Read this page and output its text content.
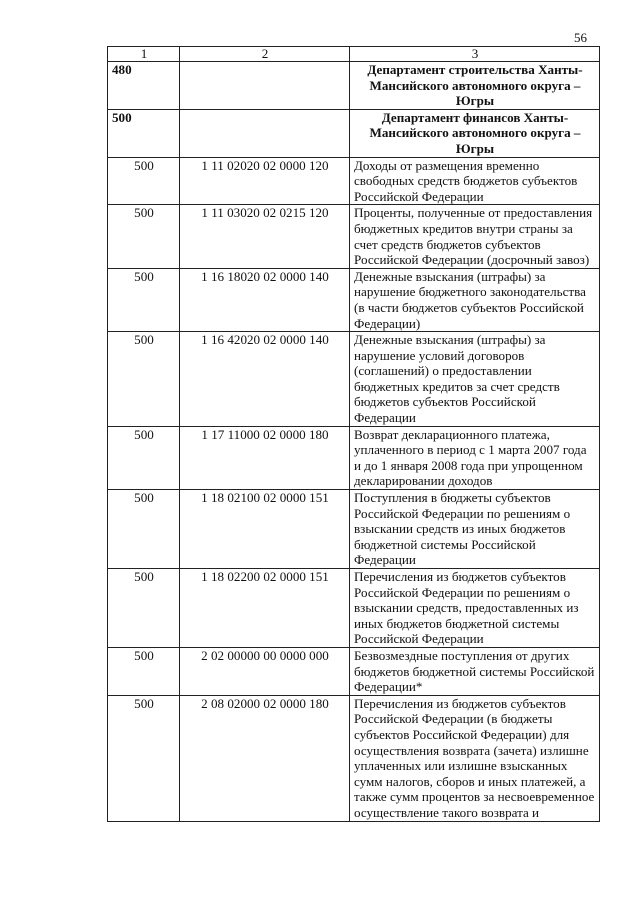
56
1	2	3
480		Департамент строительства Ханты-Мансийского автономного округа – Югры
500		Департамент финансов Ханты-Мансийского автономного округа – Югры
500	1 11 02020 02 0000 120	Доходы от размещения временно свободных средств бюджетов субъектов Российской Федерации
500	1 11 03020 02 0215 120	Проценты, полученные от предоставления бюджетных кредитов внутри страны за счет средств бюджетов субъектов Российской Федерации (досрочный завоз)
500	1 16 18020 02 0000 140	Денежные взыскания (штрафы) за нарушение бюджетного законодательства (в части бюджетов субъектов Российской Федерации)
500	1 16 42020 02 0000 140	Денежные взыскания (штрафы) за нарушение условий договоров (соглашений) о предоставлении бюджетных кредитов за счет средств бюджетов субъектов Российской Федерации
500	1 17 11000 02 0000 180	Возврат декларационного платежа, уплаченного в период с 1 марта 2007 года и до 1 января 2008 года при упрощенном декларировании доходов
500	1 18 02100 02 0000 151	Поступления в бюджеты субъектов Российской Федерации по решениям о взыскании средств из иных бюджетов бюджетной системы Российской Федерации
500	1 18 02200 02 0000 151	Перечисления из бюджетов субъектов Российской Федерации по решениям о взыскании средств, предоставленных из иных бюджетов бюджетной системы Российской Федерации
500	2 02 00000 00 0000 000	Безвозмездные поступления от других бюджетов бюджетной системы Российской Федерации*
500	2 08 02000 02 0000 180	Перечисления из бюджетов субъектов Российской Федерации (в бюджеты субъектов Российской Федерации) для осуществления возврата (зачета) излишне уплаченных или излишне взысканных сумм налогов, сборов и иных платежей, а также сумм процентов за несвоевременное осуществление такого возврата и
